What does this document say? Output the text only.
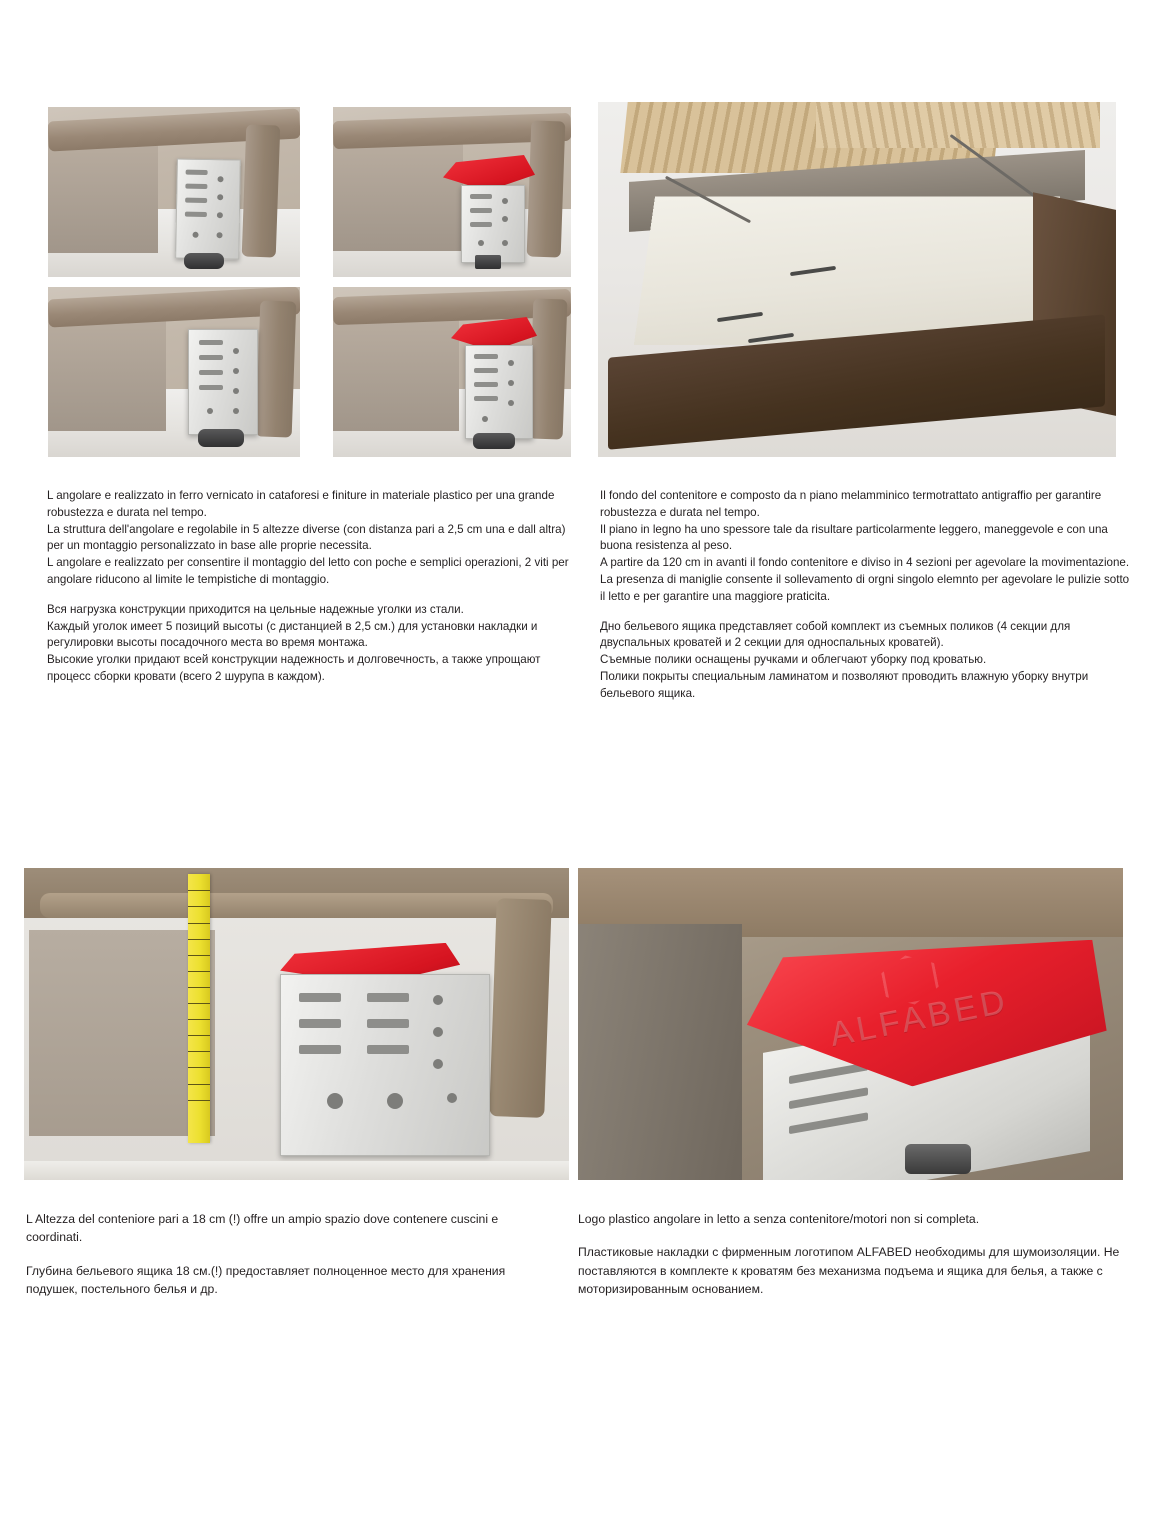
L angolare e realizzato in ferro vernicato in cataforesi e finiture in materiale plastico per una grande robustezza e durata nel tempo.

La struttura dell'angolare e regolabile in 5 altezze diverse (con distanza pari a 2,5 cm una e dall altra) per un montaggio personalizzato in base alle proprie necessita.

L angolare e realizzato per consentire il montaggio del letto con poche e semplici operazioni, 2 viti per angolare riducono al limite le tempistiche di montaggio.

Вся нагрузка конструкции приходится на цельные надежные уголки из стали.

Каждый уголок имеет 5 позиций высоты (с дистанцией в 2,5 см.) для установки накладки и регулировки высоты посадочного места во время монтажа.

Высокие уголки придают всей конструкции надежность и долговечность, а также упрощают процесс сборки кровати (всего 2 шурупа в каждом).

Il fondo del contenitore e composto da n piano melamminico termotrattato antigraffio per garantire robustezza e durata nel tempo.

Il piano in legno ha uno spessore tale da risultare particolarmente leggero, maneggevole e con una buona resistenza al peso.

A partire da 120 cm in avanti il fondo contenitore e diviso in 4 sezioni per agevolare la movimentazione. La presenza di maniglie consente il sollevamento di orgni singolo elemnto per agevolare le pulizie sotto il letto e per garantire una maggiore praticita.

Дно бельевого ящика представляет собой комплект из съемных поликов (4 секции для двуспальных кроватей и 2 секции для односпальных кроватей).

Съемные полики оснащены ручками и облегчают уборку под кроватью.

Полики покрыты специальным ламинатом и позволяют проводить влажную уборку внутри бельевого ящика.

ALFABED

L Altezza del conteniore pari a 18 cm (!) offre un ampio spazio dove contenere cuscini e coordinati.

Глубина бельевого ящика 18 см.(!) предоставляет полноценное место для хранения подушек, постельного белья и др.

Logo plastico angolare in letto a senza contenitore/motori non si completa.

Пластиковые накладки с фирменным логотипом ALFABED необходимы для шумоизоляции. Не поставляются в комплекте к кроватям без механизма подъема и ящика для белья, а также с моторизированным основанием.
